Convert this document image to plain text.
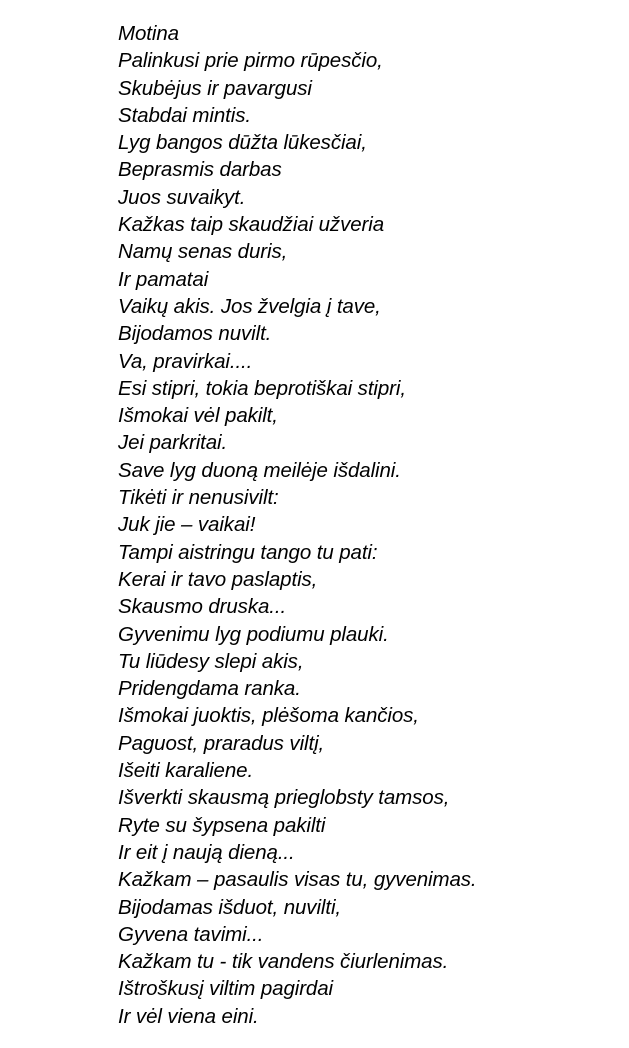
Motina
Palinkusi prie pirmo rūpesčio,
Skubėjus ir pavargusi
Stabdai mintis.
Lyg bangos dūžta lūkesčiai,
Beprasmis darbas
Juos suvaikyt.
Kažkas taip skaudžiai užveria
Namų senas duris,
Ir pamatai
Vaikų akis. Jos žvelgia į tave,
Bijodamos nuvilt.
Va, pravirkai....
Esi stipri, tokia beprotiškai stipri,
Išmokai vėl pakilt,
Jei parkritai.
Save lyg duoną meilėje išdalini.
Tikėti ir nenusivilt:
Juk jie – vaikai!
Tampi aistringu tango tu pati:
Kerai ir tavo paslaptis,
Skausmo druska...
Gyvenimu lyg podiumu plauki.
Tu liūdesy slepi akis,
Pridengdama ranka.
Išmokai juoktis, plėšoma kančios,
Paguost, praradus viltį,
Išeiti karaliene.
Išverkti skausmą prieglobsty tamsos,
Ryte su šypsena pakilti
Ir eit į naują dieną...
Kažkam – pasaulis visas tu, gyvenimas.
Bijodamas išduot, nuvilti,
Gyvena tavimi...
Kažkam tu - tik vandens čiurlenimas.
Ištroškusį viltim pagirdai
Ir vėl viena eini.
